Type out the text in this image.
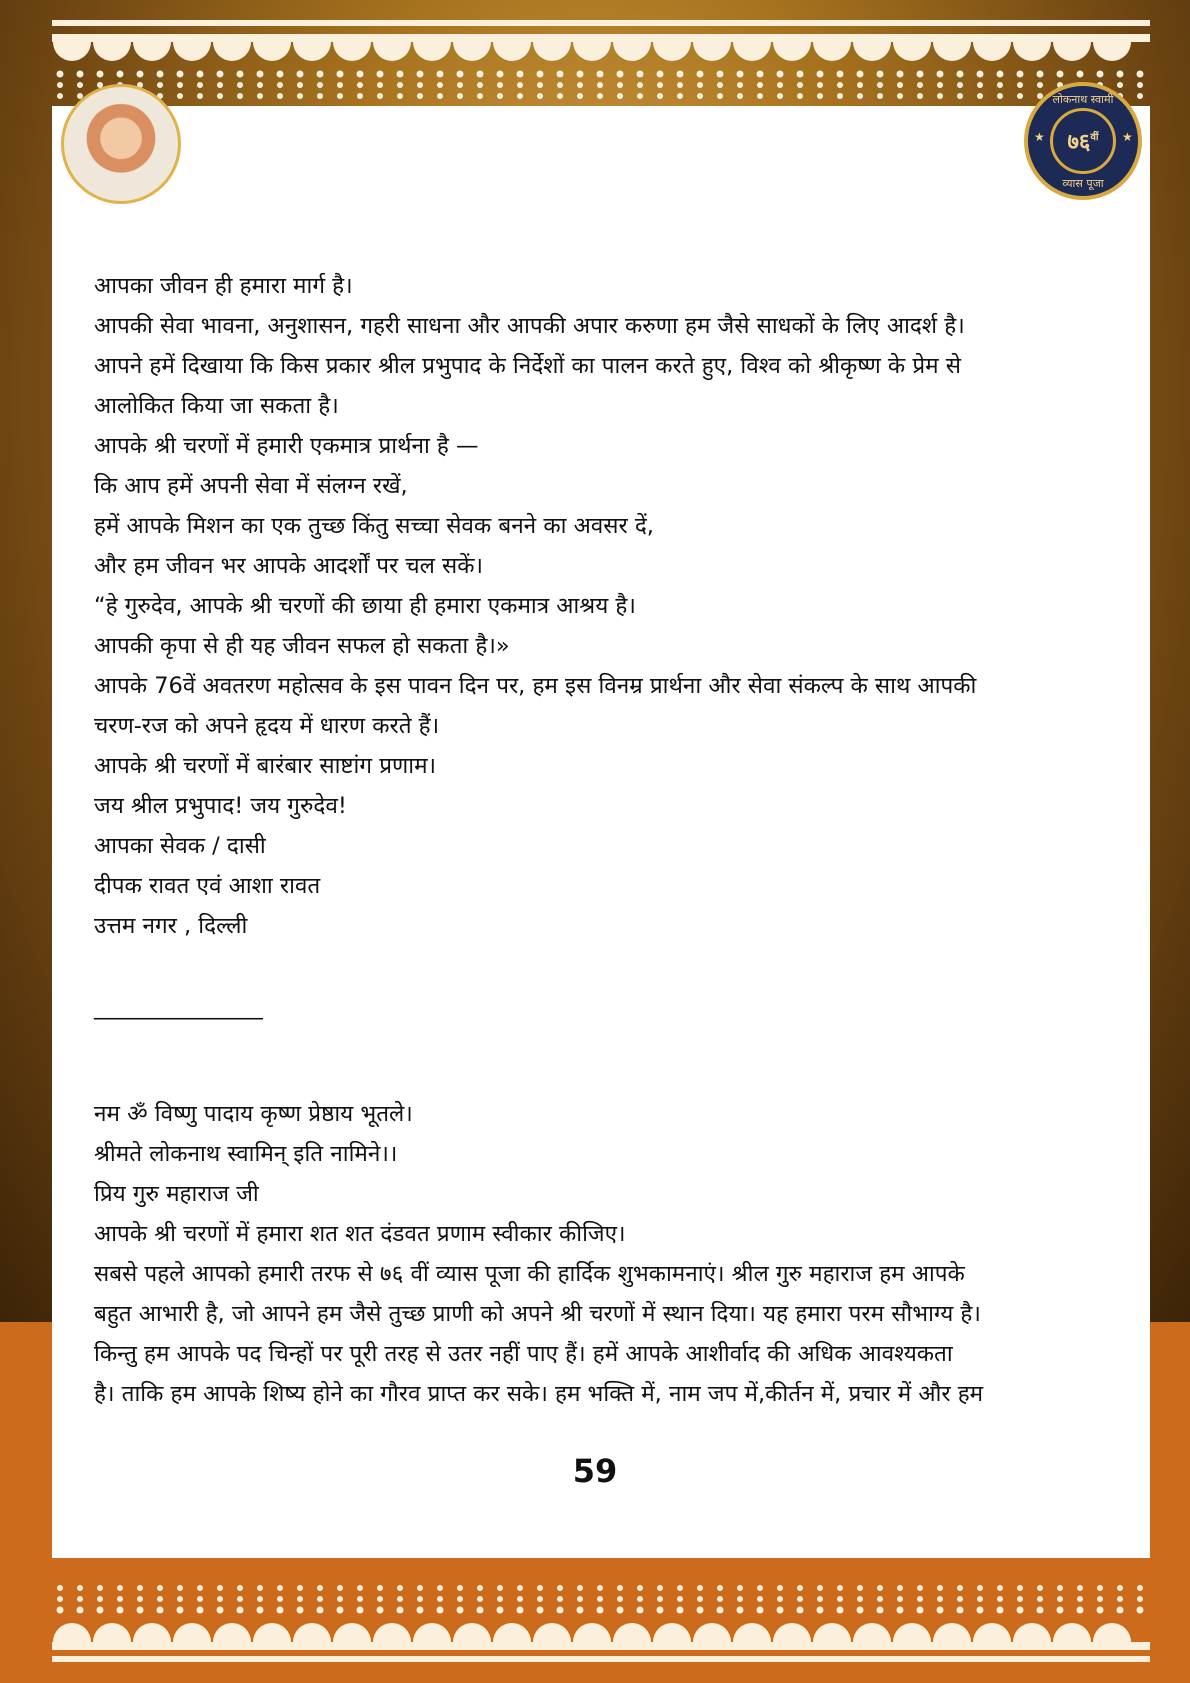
लोकनाथ स्वामी
★ ७६ वीं ★
व्यास पूजा

आपका जीवन ही हमारा मार्ग है।

आपकी सेवा भावना, अनुशासन, गहरी साधना और आपकी अपार करुणा हम जैसे साधकों के लिए आदर्श है।

आपने हमें दिखाया कि किस प्रकार श्रील प्रभुपाद के निर्देशों का पालन करते हुए, विश्व को श्रीकृष्ण के प्रेम से

आलोकित किया जा सकता है।

आपके श्री चरणों में हमारी एकमात्र प्रार्थना है —

कि आप हमें अपनी सेवा में संलग्न रखें,

हमें आपके मिशन का एक तुच्छ किंतु सच्चा सेवक बनने का अवसर दें,

और हम जीवन भर आपके आदर्शों पर चल सकें।

“हे गुरुदेव, आपके श्री चरणों की छाया ही हमारा एकमात्र आश्रय है।

आपकी कृपा से ही यह जीवन सफल हो सकता है।»

आपके 76वें अवतरण महोत्सव के इस पावन दिन पर, हम इस विनम्र प्रार्थना और सेवा संकल्प के साथ आपकी

चरण-रज को अपने हृदय में धारण करते हैं।

आपके श्री चरणों में बारंबार साष्टांग प्रणाम।

जय श्रील प्रभुपाद! जय गुरुदेव!

आपका सेवक / दासी

दीपक रावत एवं आशा रावत

उत्तम नगर , दिल्ली

_______________

नम ॐ विष्णु पादाय कृष्ण प्रेष्ठाय भूतले।

श्रीमते लोकनाथ स्वामिन् इति नामिने।।

प्रिय गुरु महाराज जी

आपके श्री चरणों में हमारा शत शत दंडवत प्रणाम स्वीकार कीजिए।

सबसे पहले आपको हमारी तरफ से ७६ वीं व्यास पूजा की हार्दिक शुभकामनाएं। श्रील गुरु महाराज हम आपके

बहुत आभारी है, जो आपने हम जैसे तुच्छ प्राणी को अपने श्री चरणों में स्थान दिया। यह हमारा परम सौभाग्य है।

किन्तु हम आपके पद चिन्हों पर पूरी तरह से उतर नहीं पाए हैं। हमें आपके आशीर्वाद की अधिक आवश्यकता

है। ताकि हम आपके शिष्य होने का गौरव प्राप्त कर सके। हम भक्ति में, नाम जप में,कीर्तन में, प्रचार में और हम

59
